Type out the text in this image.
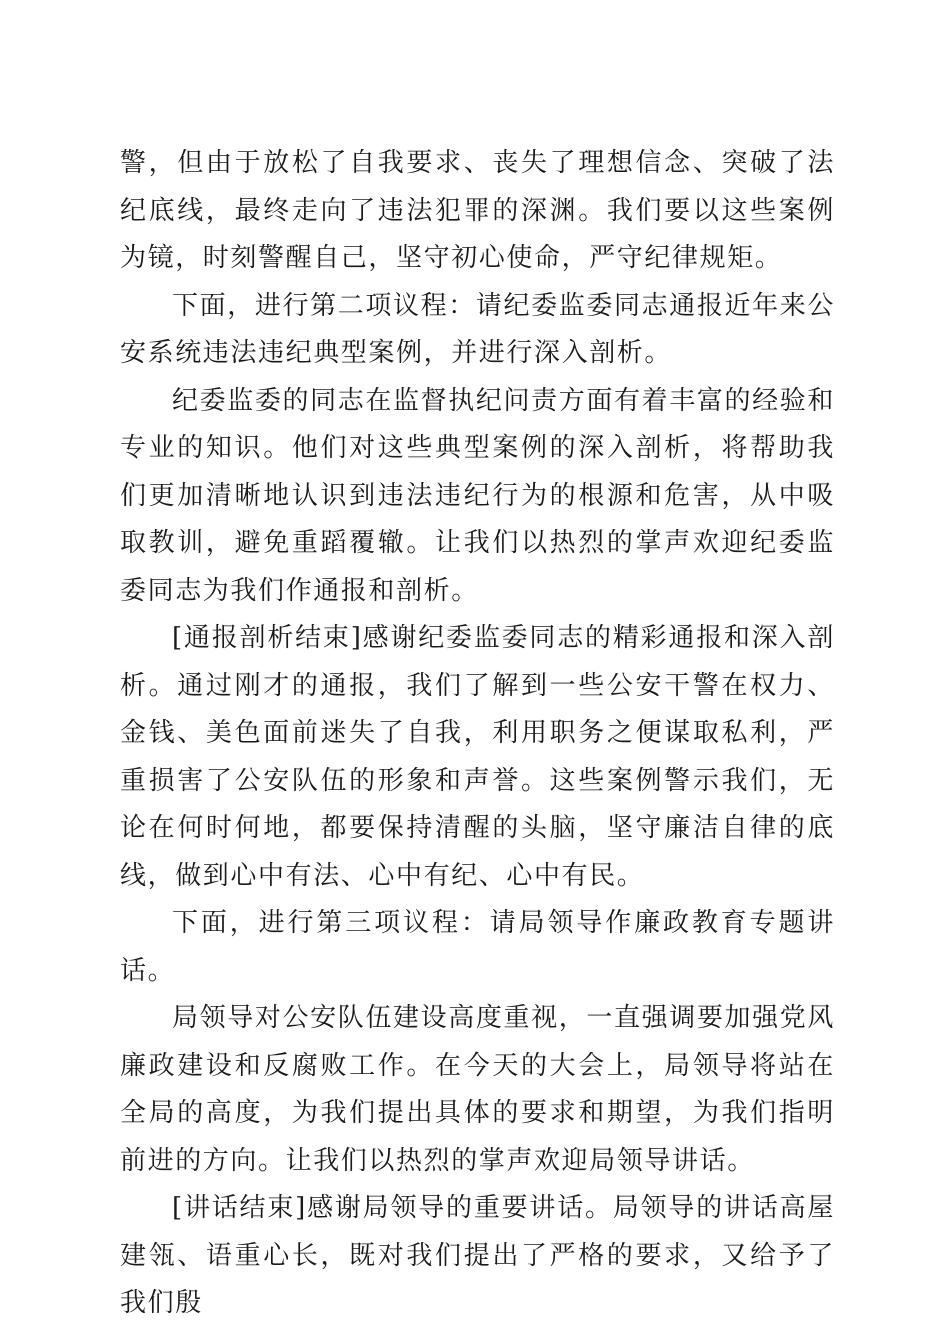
警，但由于放松了自我要求、丧失了理想信念、突破了法纪底线，最终走向了违法犯罪的深渊。我们要以这些案例为镜，时刻警醒自己，坚守初心使命，严守纪律规矩。

下面，进行第二项议程：请纪委监委同志通报近年来公安系统违法违纪典型案例，并进行深入剖析。

纪委监委的同志在监督执纪问责方面有着丰富的经验和专业的知识。他们对这些典型案例的深入剖析，将帮助我们更加清晰地认识到违法违纪行为的根源和危害，从中吸取教训，避免重蹈覆辙。让我们以热烈的掌声欢迎纪委监委同志为我们作通报和剖析。

[通报剖析结束]感谢纪委监委同志的精彩通报和深入剖析。通过刚才的通报，我们了解到一些公安干警在权力、金钱、美色面前迷失了自我，利用职务之便谋取私利，严重损害了公安队伍的形象和声誉。这些案例警示我们，无论在何时何地，都要保持清醒的头脑，坚守廉洁自律的底线，做到心中有法、心中有纪、心中有民。

下面，进行第三项议程：请局领导作廉政教育专题讲话。

局领导对公安队伍建设高度重视，一直强调要加强党风廉政建设和反腐败工作。在今天的大会上，局领导将站在全局的高度，为我们提出具体的要求和期望，为我们指明前进的方向。让我们以热烈的掌声欢迎局领导讲话。

[讲话结束]感谢局领导的重要讲话。局领导的讲话高屋建瓴、语重心长，既对我们提出了严格的要求，又给予了我们殷
